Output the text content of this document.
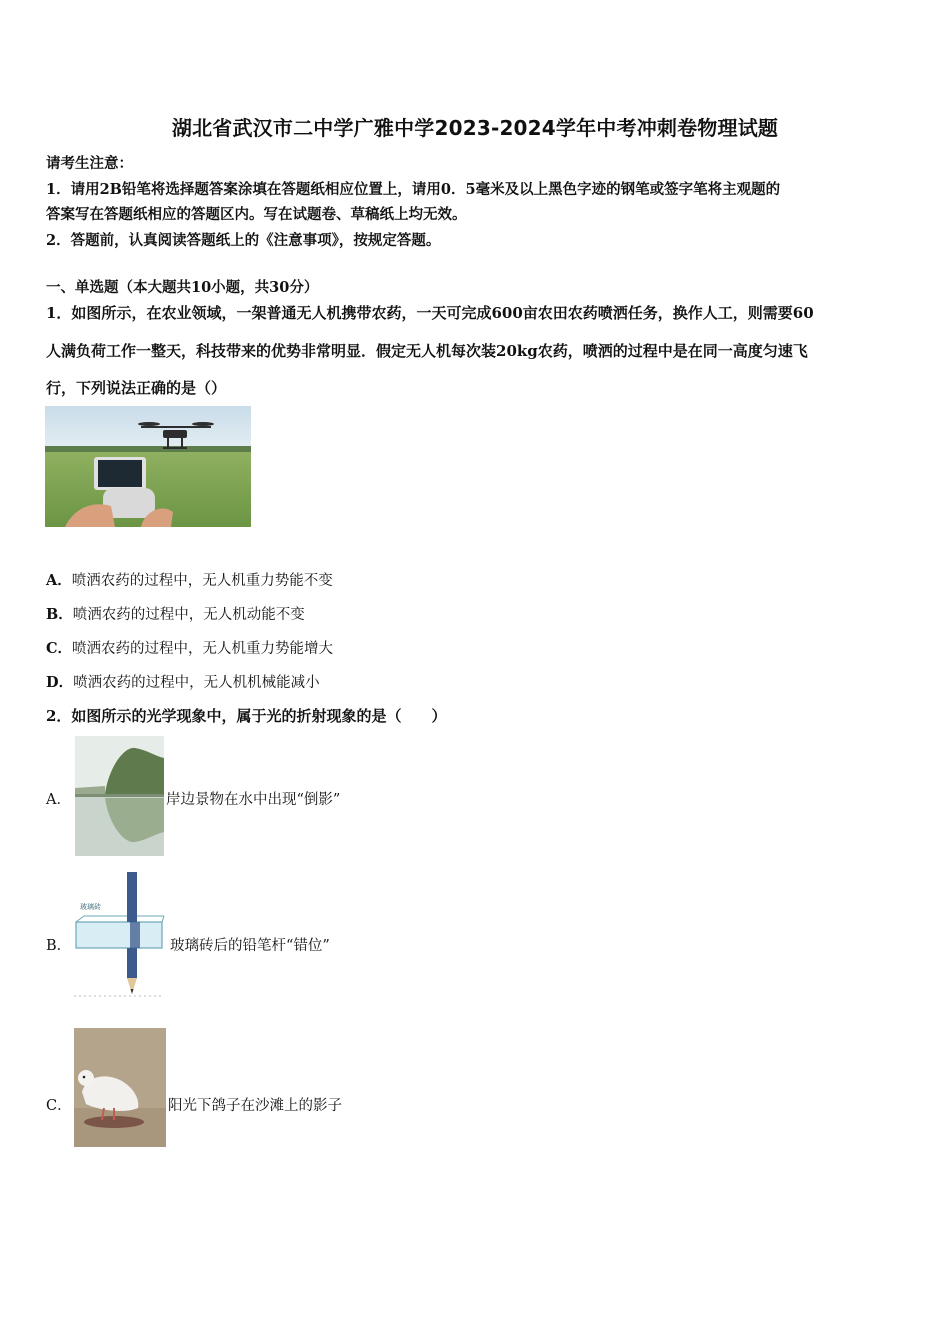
湖北省武汉市二中学广雅中学2023-2024学年中考冲刺卷物理试题
请考生注意：
1．请用2B铅笔将选择题答案涂填在答题纸相应位置上，请用0．5毫米及以上黑色字迹的钢笔或签字笔将主观题的
答案写在答题纸相应的答题区内。写在试题卷、草稿纸上均无效。
2．答题前，认真阅读答题纸上的《注意事项》，按规定答题。
一、单选题（本大题共10小题，共30分）
1．如图所示，在农业领域，一架普通无人机携带农药，一天可完成600亩农田农药喷洒任务，换作人工，则需要60
人满负荷工作一整天，科技带来的优势非常明显．假定无人机每次装20kg农药，喷洒的过程中是在同一高度匀速飞
行，下列说法正确的是（）
A．喷洒农药的过程中，无人机重力势能不变
B．喷洒农药的过程中，无人机动能不变
C．喷洒农药的过程中，无人机重力势能增大
D．喷洒农药的过程中，无人机机械能减小
2．如图所示的光学现象中，属于光的折射现象的是（　　）
A．	岸边景物在水中出现“倒影”
B．
玻璃砖
玻璃砖后的铅笔杆“错位”
C．	阳光下鸽子在沙滩上的影子
